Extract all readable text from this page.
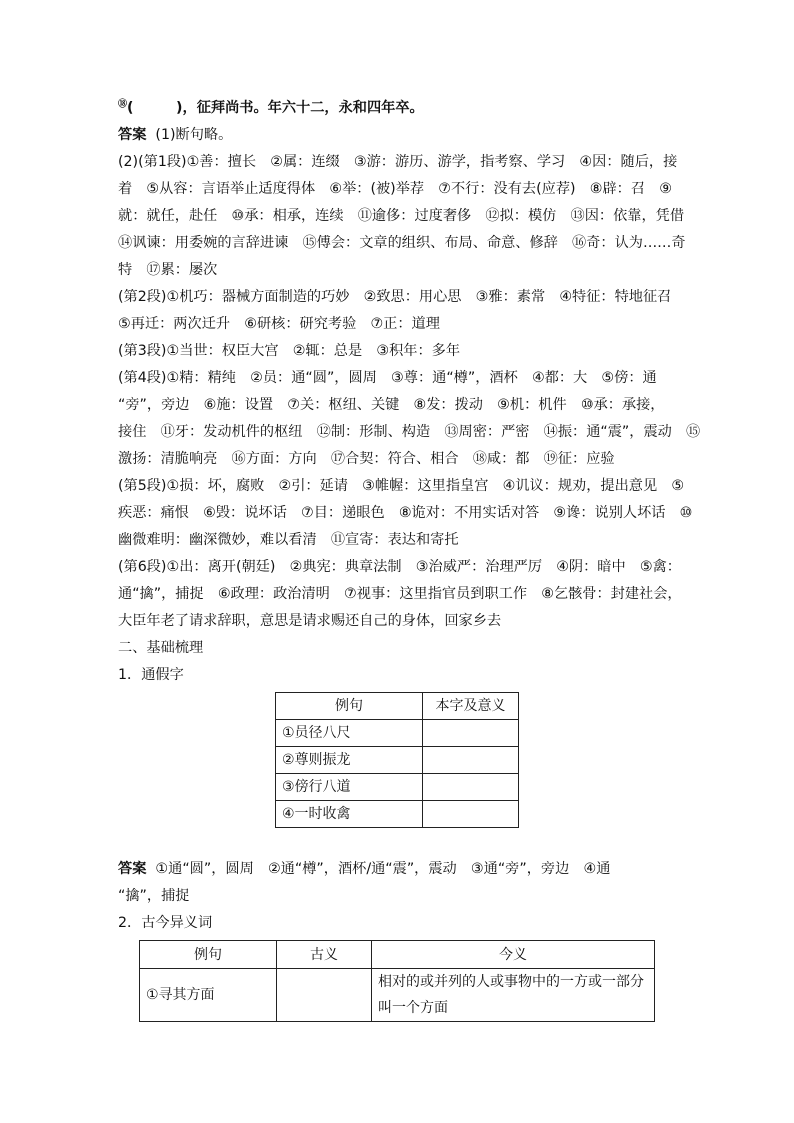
⑱(　　　)，征拜尚书。年六十二，永和四年卒。
答案 (1)断句略。
(2)(第1段)①善：擅长　②属：连缀　③游：游历、游学，指考察、学习　④因：随后，接
着　⑤从容：言语举止适度得体　⑥举：(被)举荐　⑦不行：没有去(应荐)　⑧辟：召　⑨
就：就任，赴任　⑩承：相承，连续　⑪逾侈：过度奢侈　⑫拟：模仿　⑬因：依靠，凭借
⑭讽谏：用委婉的言辞进谏　⑮傅会：文章的组织、布局、命意、修辞　⑯奇：认为……奇
特　⑰累：屡次
(第2段)①机巧：器械方面制造的巧妙　②致思：用心思　③雅：素常　④特征：特地征召
⑤再迁：两次迁升　⑥研核：研究考验　⑦正：道理
(第3段)①当世：权臣大宫　②辄：总是　③积年：多年
(第4段)①精：精纯　②员：通“圆”，圆周　③尊：通“樽”，酒杯　④都：大　⑤傍：通
“旁”，旁边　⑥施：设置　⑦关：枢纽、关键　⑧发：拨动　⑨机：机件　⑩承：承接，
接住　⑪牙：发动机件的枢纽　⑫制：形制、构造　⑬周密：严密　⑭振：通“震”，震动　⑮
激扬：清脆响亮　⑯方面：方向　⑰合契：符合、相合　⑱咸：都　⑲征：应验
(第5段)①损：坏，腐败　②引：延请　③帷幄：这里指皇宫　④讥议：规劝，提出意见　⑤
疾恶：痛恨　⑥毁：说坏话　⑦目：递眼色　⑧诡对：不用实话对答　⑨谗：说别人坏话　⑩
幽微难明：幽深微妙，难以看清　⑪宣寄：表达和寄托
(第6段)①出：离开(朝廷)　②典宪：典章法制　③治威严：治理严厉　④阴：暗中　⑤禽：
通“擒”，捕捉　⑥政理：政治清明　⑦视事：这里指官员到职工作　⑧乞骸骨：封建社会，
大臣年老了请求辞职，意思是请求赐还自己的身体，回家乡去
二、基础梳理
1．通假字
例句	本字及意义
①员径八尺	
②尊则振龙	
③傍行八道	
④一时收禽	
答案 ①通“圆”，圆周　②通“樽”，酒杯/通“震”，震动　③通“旁”，旁边　④通
“擒”，捕捉
2．古今异义词
例句	古义	今义
①寻其方面		相对的或并列的人或事物中的一方或一部分叫一个方面
